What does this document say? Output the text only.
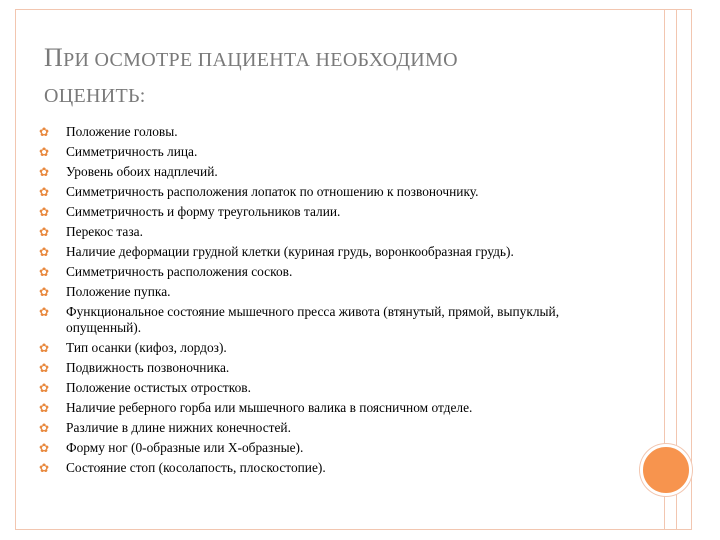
ПРИ ОСМОТРЕ ПАЦИЕНТА НЕОБХОДИМО
ОЦЕНИТЬ:
✿ Положение головы.
✿ Симметричность лица.
✿ Уровень обоих надплечий.
✿ Симметричность расположения лопаток по отношению к позвоночнику.
✿ Симметричность и форму треугольников талии.
✿ Перекос таза.
✿ Наличие деформации грудной клетки (куриная грудь, воронкообразная грудь).
✿ Симметричность расположения сосков.
✿ Положение пупка.
✿ Функциональное состояние мышечного пресса живота (втянутый, прямой, выпуклый, опущенный).
✿ Тип осанки (кифоз, лордоз).
✿ Подвижность позвоночника.
✿ Положение остистых отростков.
✿ Наличие реберного горба или мышечного валика в поясничном отделе.
✿ Различие в длине нижних конечностей.
✿ Форму ног (0-образные или Х-образные).
✿ Состояние стоп (косолапость, плоскостопие).
